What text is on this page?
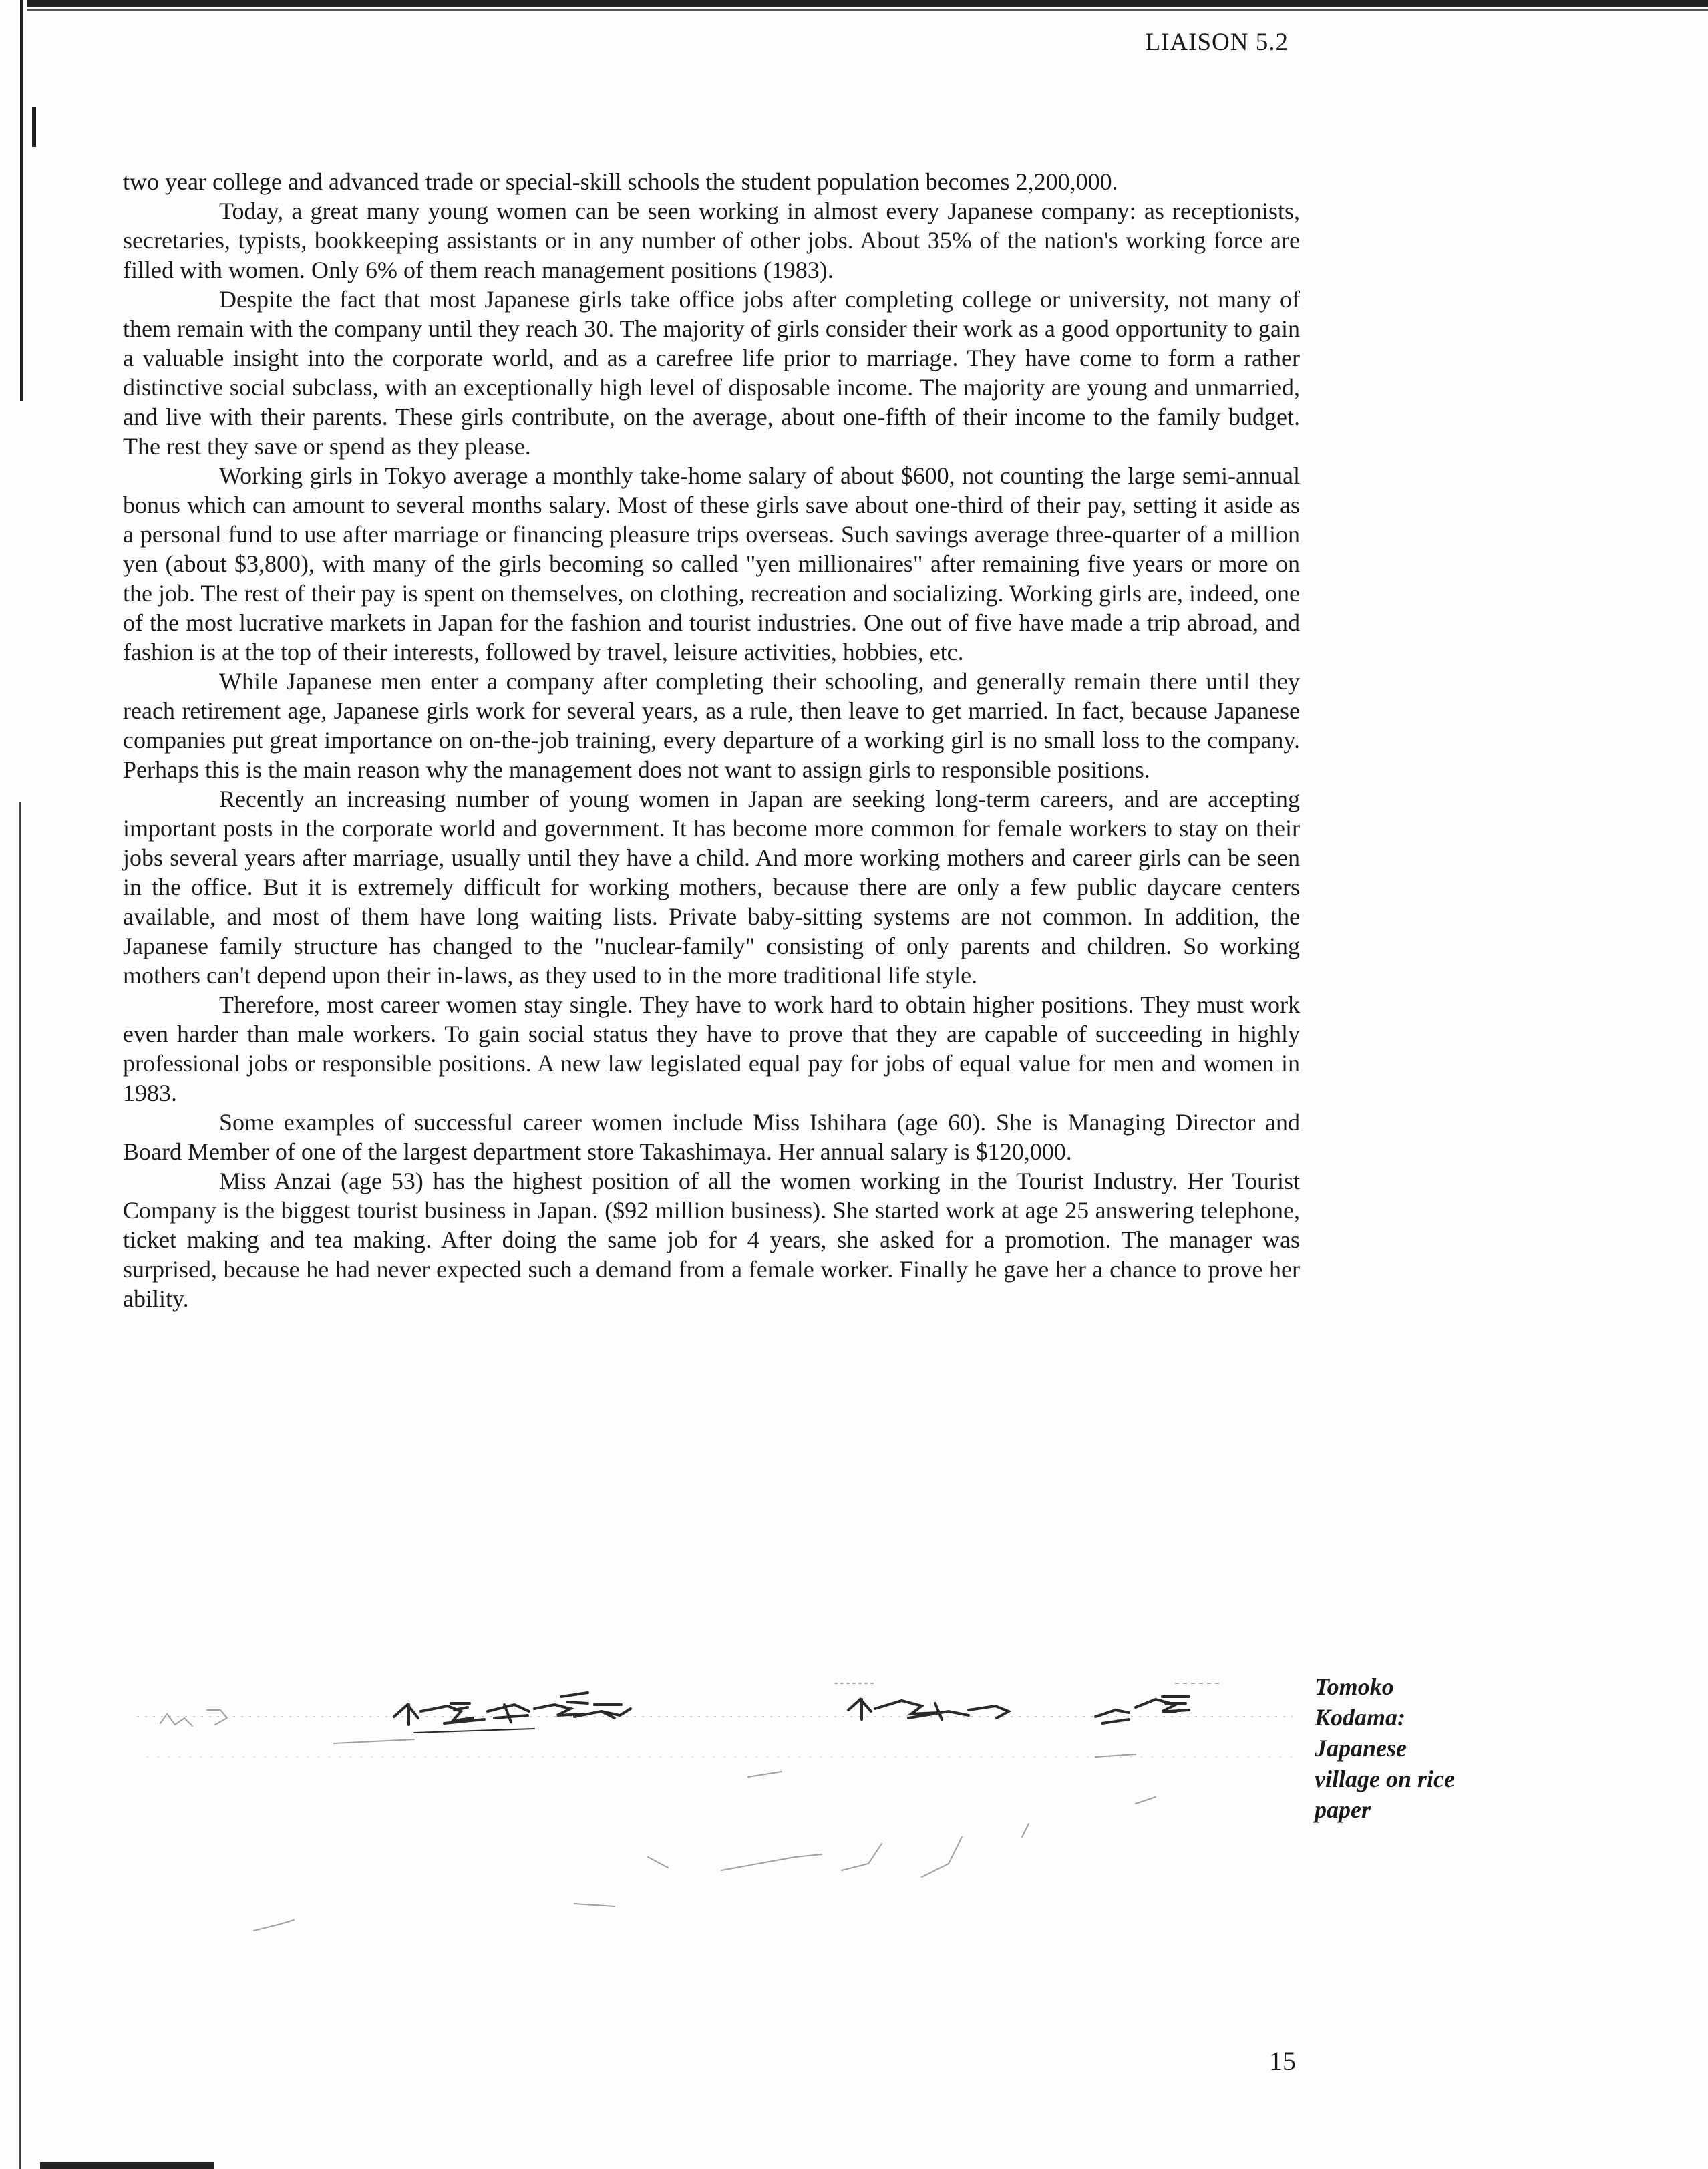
LIAISON 5.2

two year college and advanced trade or special-skill schools the student population becomes 2,200,000.

Today, a great many young women can be seen working in almost every Japanese company: as receptionists, secretaries, typists, bookkeeping assistants or in any number of other jobs. About 35% of the nation's working force are filled with women. Only 6% of them reach management positions (1983).

Despite the fact that most Japanese girls take office jobs after completing college or university, not many of them remain with the company until they reach 30. The majority of girls consider their work as a good opportunity to gain a valuable insight into the corporate world, and as a carefree life prior to marriage. They have come to form a rather distinctive social subclass, with an exceptionally high level of disposable income. The majority are young and unmarried, and live with their parents. These girls contribute, on the average, about one-fifth of their income to the family budget. The rest they save or spend as they please.

Working girls in Tokyo average a monthly take-home salary of about $600, not counting the large semi-annual bonus which can amount to several months salary. Most of these girls save about one-third of their pay, setting it aside as a personal fund to use after marriage or financing pleasure trips overseas. Such savings average three-quarter of a million yen (about $3,800), with many of the girls becoming so called "yen millionaires" after remaining five years or more on the job. The rest of their pay is spent on themselves, on clothing, recreation and socializing. Working girls are, indeed, one of the most lucrative markets in Japan for the fashion and tourist industries. One out of five have made a trip abroad, and fashion is at the top of their interests, followed by travel, leisure activities, hobbies, etc.

While Japanese men enter a company after completing their schooling, and generally remain there until they reach retirement age, Japanese girls work for several years, as a rule, then leave to get married. In fact, because Japanese companies put great importance on on-the-job training, every departure of a working girl is no small loss to the company. Perhaps this is the main reason why the management does not want to assign girls to responsible positions.

Recently an increasing number of young women in Japan are seeking long-term careers, and are accepting important posts in the corporate world and government. It has become more common for female workers to stay on their jobs several years after marriage, usually until they have a child. And more working mothers and career girls can be seen in the office. But it is extremely difficult for working mothers, because there are only a few public daycare centers available, and most of them have long waiting lists. Private baby-sitting systems are not common. In addition, the Japanese family structure has changed to the "nuclear-family" consisting of only parents and children. So working mothers can't depend upon their in-laws, as they used to in the more traditional life style.

Therefore, most career women stay single. They have to work hard to obtain higher positions. They must work even harder than male workers. To gain social status they have to prove that they are capable of succeeding in highly professional jobs or responsible positions. A new law legislated equal pay for jobs of equal value for men and women in 1983.

Some examples of successful career women include Miss Ishihara (age 60). She is Managing Director and Board Member of one of the largest department store Takashimaya. Her annual salary is $120,000.

Miss Anzai (age 53) has the highest position of all the women working in the Tourist Industry. Her Tourist Company is the biggest tourist business in Japan. ($92 million business). She started work at age 25 answering telephone, ticket making and tea making. After doing the same job for 4 years, she asked for a promotion. The manager was surprised, because he had never expected such a demand from a female worker. Finally he gave her a chance to prove her ability.

Tomoko Kodama: Japanese village on rice paper
15
